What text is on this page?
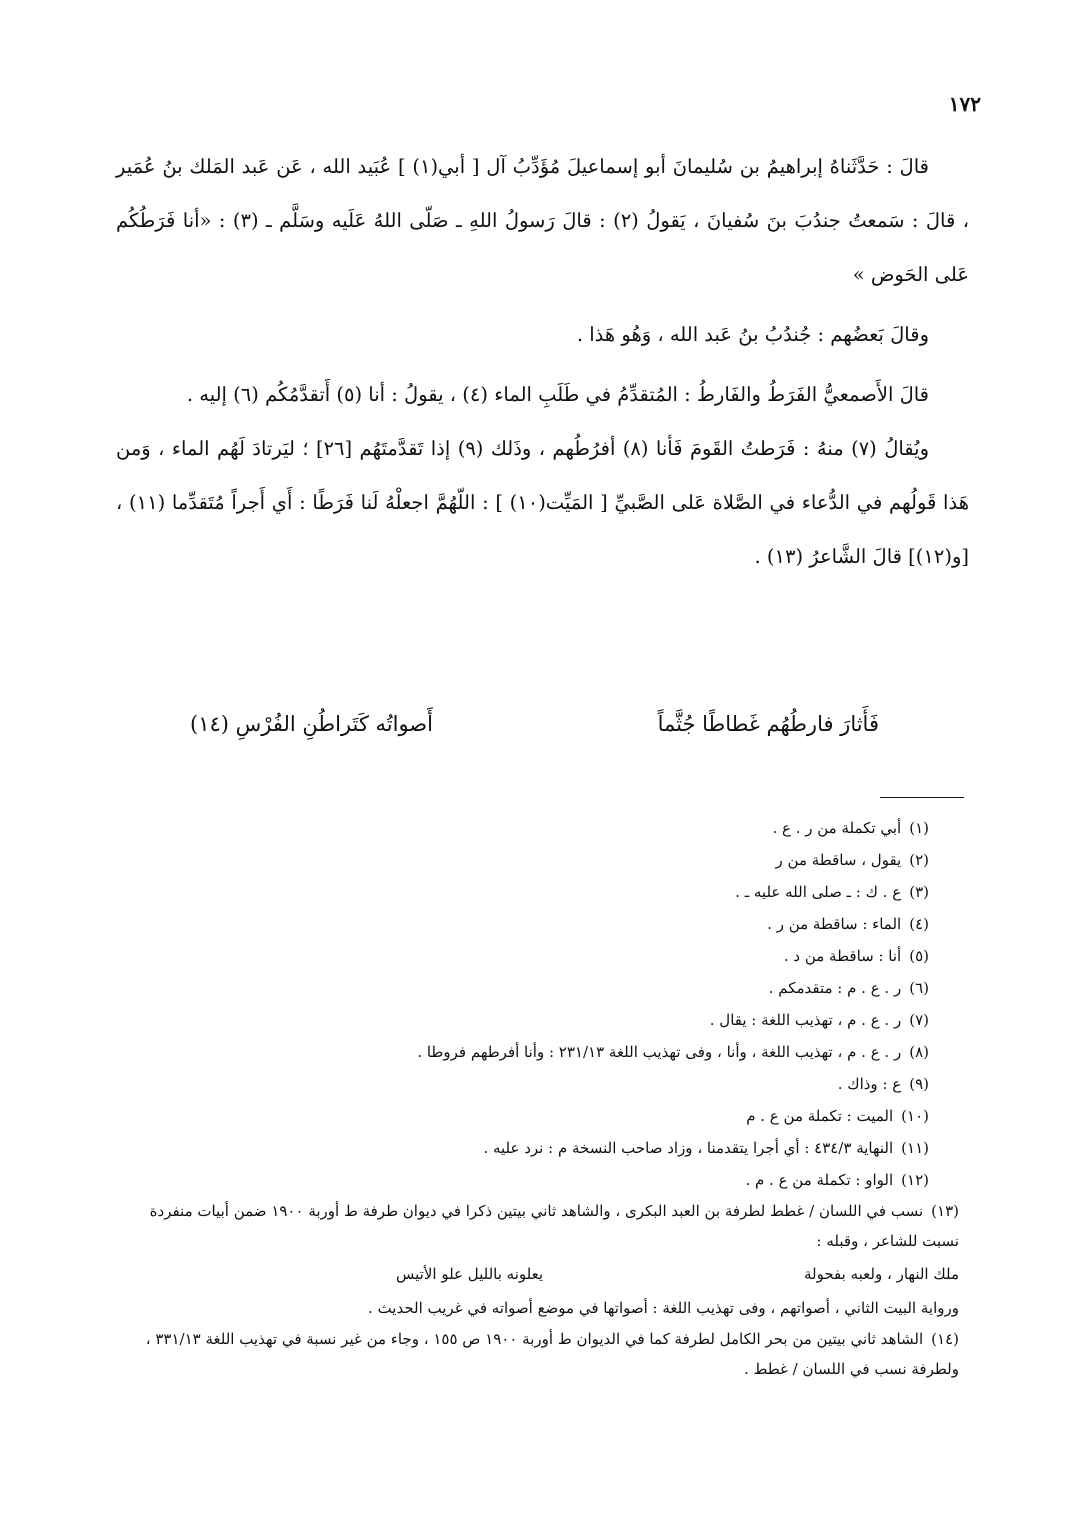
١٧٢

قالَ : حَدَّثَناهُ إبراهيمُ بن سُليمانَ أبو إسماعيلَ مُؤَدِّبُ آل [ أبي(١) ] عُبَيد الله ، عَن عَبد المَلك بنُ عُمَير ، قالَ : سَمعتُ جندُبَ بنَ سُفيانَ ، يَقولُ (٢) : قالَ رَسولُ اللهِ ـ صَلّى اللهُ عَلَيه وسَلَّم ـ (٣) : «أنا فَرَطُكُم عَلى الحَوض »

وقالَ بَعضُهم : جُندُبُ بنُ عَبد الله ، وَهُو هَذا .

قالَ الأَصمعيُّ الفَرَطُ والفَارطُ : المُتقدِّمُ في طَلَبِ الماء (٤) ، يقولُ : أنا (٥) أَتقدَّمُكُم (٦) إليه .

ويُقالُ (٧) منهُ : فَرَطتُ القَومَ فَأنا (٨) أفرُطُهم ، وذَلك (٩) إذا تَقدَّمتَهُم [٢٦] ؛ ليَرتادَ لَهُم الماء ، وَمن هَذا قَولُهم في الدُّعاء في الصَّلاة عَلى الصَّبيِّ [ المَيِّت(١٠) ] : اللّهُمَّ اجعلْهُ لَنا فَرَطًا : أَي أَجراً مُتَقدِّما (١١) ، [و(١٢)] قالَ الشَّاعرُ (١٣) .

فَأَثارَ فارطُهُم غَطاطًا جُثَّماً
أَصواتُه كَتَراطُنِ الفُرْسِ (١٤)
(١)أبي تكملة من ر . ع .
(٢)يقول ، ساقطة من ر
(٣)ع . ك : ـ صلى الله عليه ـ .
(٤)الماء : ساقطة من ر .
(٥)أنا : ساقطة من د .
(٦)ر . ع . م : متقدمكم .
(٧)ر . ع . م ، تهذيب اللغة : يقال .
(٨)ر . ع . م ، تهذيب اللغة ، وأنا ، وفى تهذيب اللغة ٢٣١/١٣ : وأنا أفرطهم فروطا .
(٩)ع : وذاك .
(١٠)الميت : تكملة من ع . م
(١١)النهاية ٤٣٤/٣ : أي أجرا يتقدمنا ، وزاد صاحب النسخة م : نرد عليه .
(١٢)الواو : تكملة من ع . م .
(١٣)نسب في اللسان / غطط لطرفة بن العبد البكرى ، والشاهد ثاني بيتين ذكرا في ديوان طرفة ط أوربة ١٩٠٠ ضمن أبيات منفردة نسبت للشاعر ، وقبله :
ملك النهار ، ولعبه بفحولة
يعلونه بالليل علو الأتيس
ورواية البيت الثاني ، أصواتهم ، وفى تهذيب اللغة : أصواتها في موضع أصواته في غريب الحديث .
(١٤)الشاهد ثاني بيتين من بحر الكامل لطرفة كما في الديوان ط أوربة ١٩٠٠ ص ١٥٥ ، وجاء من غير نسبة في تهذيب اللغة ٣٣١/١٣ ، ولطرفة نسب في اللسان / غطط .
